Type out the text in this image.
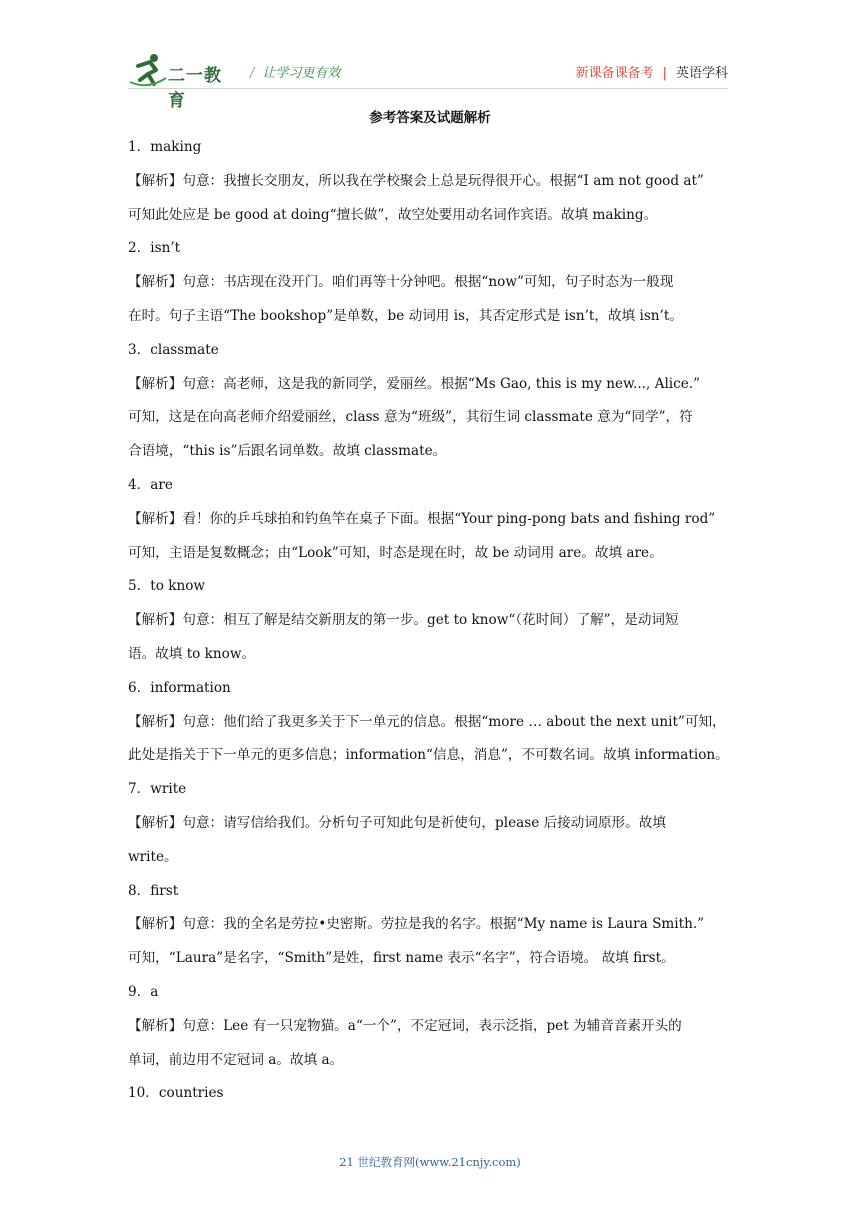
二一教育
/ 让学习更有效	新课备课备考 | 英语学科
参考答案及试题解析

1．making

【解析】句意：我擅长交朋友，所以我在学校聚会上总是玩得很开心。根据“I am not good at”

可知此处应是 be good at doing“擅长做”，故空处要用动名词作宾语。故填 making。

2．isn’t

【解析】句意：书店现在没开门。咱们再等十分钟吧。根据“now”可知，句子时态为一般现

在时。句子主语“The bookshop”是单数，be 动词用 is，其否定形式是 isn’t，故填 isn’t。

3．classmate

【解析】句意：高老师，这是我的新同学，爱丽丝。根据“Ms Gao, this is my new..., Alice.”

可知，这是在向高老师介绍爱丽丝，class 意为“班级”，其衍生词 classmate 意为“同学”，符

合语境，“this is”后跟名词单数。故填 classmate。

4．are

【解析】看！你的乒乓球拍和钓鱼竿在桌子下面。根据“Your ping-pong bats and fishing rod”

可知，主语是复数概念；由“Look”可知，时态是现在时，故 be 动词用 are。故填 are。

5．to know

【解析】句意：相互了解是结交新朋友的第一步。get to know“（花时间）了解”，是动词短

语。故填 to know。

6．information

【解析】句意：他们给了我更多关于下一单元的信息。根据“more … about the next unit”可知，

此处是指关于下一单元的更多信息；information“信息，消息”，不可数名词。故填 information。

7．write

【解析】句意：请写信给我们。分析句子可知此句是祈使句，please 后接动词原形。故填

write。

8．first

【解析】句意：我的全名是劳拉•史密斯。劳拉是我的名字。根据“My name is Laura Smith.”

可知，“Laura”是名字，“Smith”是姓，first name 表示“名字”，符合语境。 故填 first。

9．a

【解析】句意：Lee 有一只宠物猫。a“一个”，不定冠词，表示泛指，pet 为辅音音素开头的

单词，前边用不定冠词 a。故填 a。

10．countries

21 世纪教育网(www.21cnjy.com)
